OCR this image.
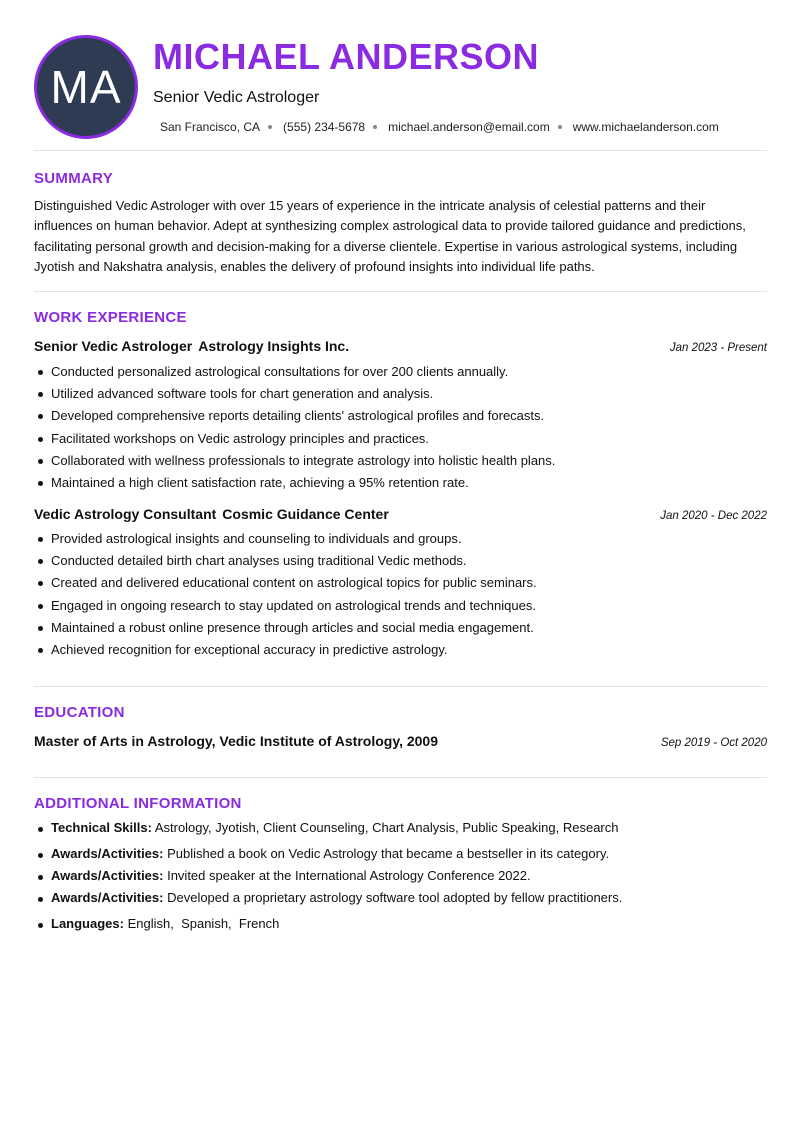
MA
MICHAEL ANDERSON
Senior Vedic Astrologer
San Francisco, CA (555) 234-5678 michael.anderson@email.com www.michaelanderson.com
SUMMARY
Distinguished Vedic Astrologer with over 15 years of experience in the intricate analysis of celestial patterns and their influences on human behavior. Adept at synthesizing complex astrological data to provide tailored guidance and predictions, facilitating personal growth and decision-making for a diverse clientele. Expertise in various astrological systems, including Jyotish and Nakshatra analysis, enables the delivery of profound insights into individual life paths.
WORK EXPERIENCE
Senior Vedic Astrologer Astrology Insights Inc.	Jan 2023 - Present
Conducted personalized astrological consultations for over 200 clients annually.
Utilized advanced software tools for chart generation and analysis.
Developed comprehensive reports detailing clients' astrological profiles and forecasts.
Facilitated workshops on Vedic astrology principles and practices.
Collaborated with wellness professionals to integrate astrology into holistic health plans.
Maintained a high client satisfaction rate, achieving a 95% retention rate.
Vedic Astrology Consultant Cosmic Guidance Center	Jan 2020 - Dec 2022
Provided astrological insights and counseling to individuals and groups.
Conducted detailed birth chart analyses using traditional Vedic methods.
Created and delivered educational content on astrological topics for public seminars.
Engaged in ongoing research to stay updated on astrological trends and techniques.
Maintained a robust online presence through articles and social media engagement.
Achieved recognition for exceptional accuracy in predictive astrology.
EDUCATION
Master of Arts in Astrology, Vedic Institute of Astrology, 2009	Sep 2019 - Oct 2020
ADDITIONAL INFORMATION
Technical Skills: Astrology, Jyotish, Client Counseling, Chart Analysis, Public Speaking, Research
Awards/Activities: Published a book on Vedic Astrology that became a bestseller in its category.
Awards/Activities: Invited speaker at the International Astrology Conference 2022.
Awards/Activities: Developed a proprietary astrology software tool adopted by fellow practitioners.
Languages: English,  Spanish,  French
